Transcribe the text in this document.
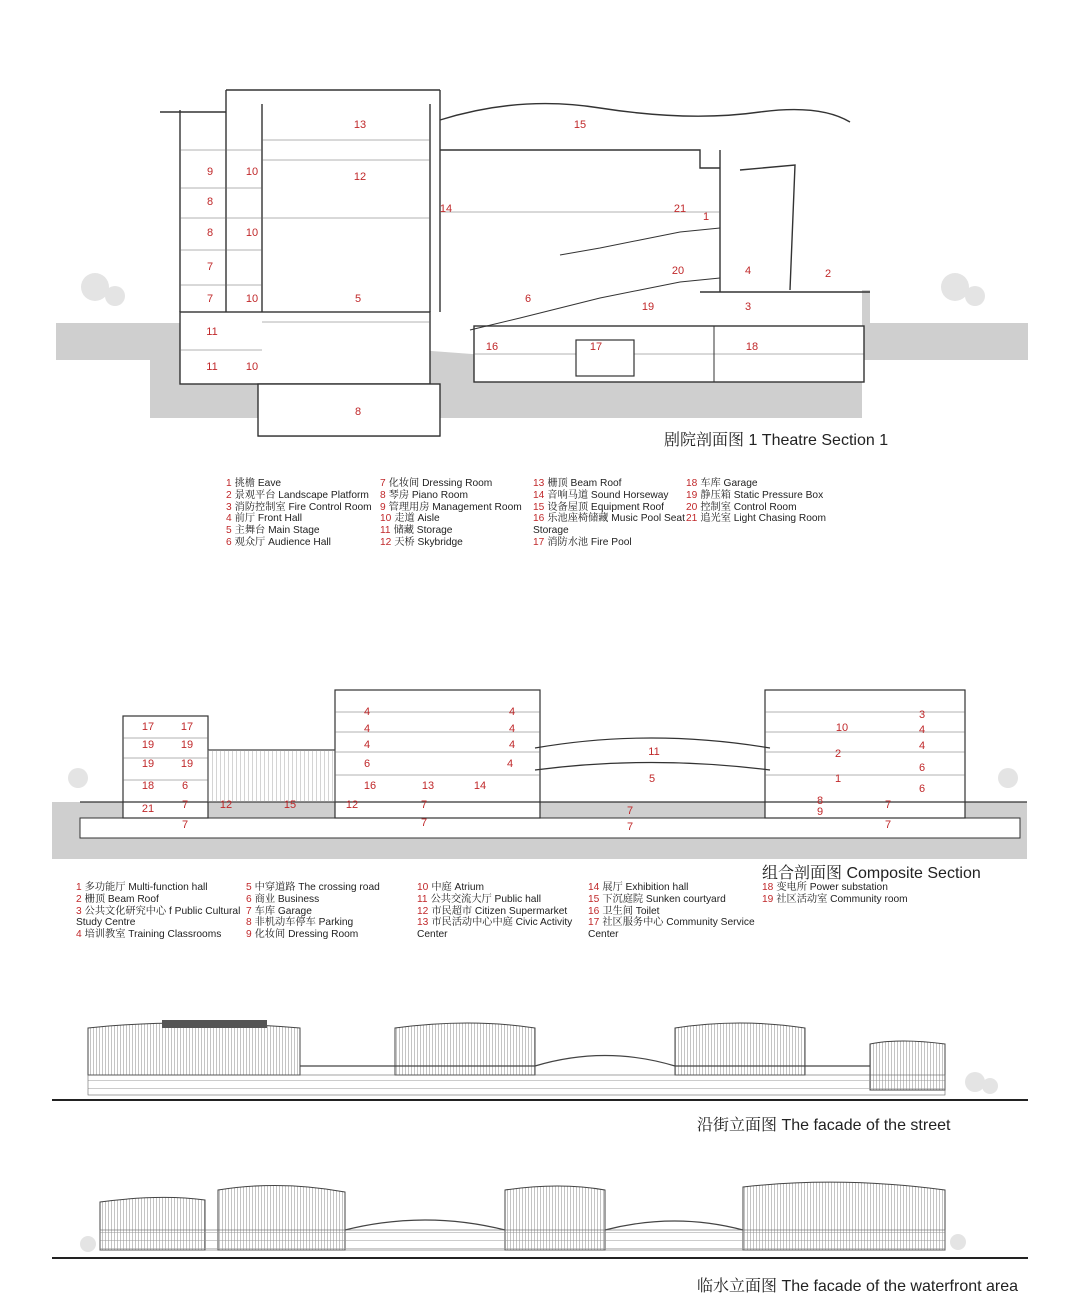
13	15
9	10	12
8
14	21
1
8	10
7	20	4	2
7	10	5	6
19	3
11
16	17	18
11	10
8
17 17
19 19
19 19
18	6
21	7	12
7
15	12
4	4
4	4
4	4
6
16	13	14
7
7
11
5
7
7
10
3
4
4
6
2
1
6
8
9
7
7
4
剧院剖面图 1 Theatre Section 1
组合剖面图 Composite Section
沿街立面图 The facade of the street
临水立面图 The facade of the waterfront area
1 挑檐 Eave
2 景观平台 Landscape Platform
3 消防控制室 Fire Control Room
4 前厅 Front Hall
5 主舞台 Main Stage
6 观众厅 Audience Hall
7 化妆间 Dressing Room
8 琴房 Piano Room
9 管理用房 Management Room
10 走道 Aisle
11 储藏 Storage
12 天桥 Skybridge
13 栅顶 Beam Roof
14 音响马道 Sound Horseway
15 设备屋顶 Equipment Roof
16 乐池座椅储藏 Music Pool Seat
Storage
17 消防水池 Fire Pool
18 车库 Garage
19 静压箱 Static Pressure Box
20 控制室 Control Room
21 追光室 Light Chasing Room
1 多功能厅 Multi-function hall
2 栅顶 Beam Roof
3 公共文化研究中心 f Public Cultural
Study Centre
4 培训教室 Training Classrooms
5 中穿道路 The crossing road
6 商业 Business
7 车库 Garage
8 非机动车停车 Parking
9 化妆间 Dressing Room
10 中庭 Atrium
11 公共交流大厅 Public hall
12 市民超市 Citizen Supermarket
13 市民活动中心中庭 Civic Activity
Center
14 展厅 Exhibition hall
15 下沉庭院 Sunken courtyard
16 卫生间 Toilet
17 社区服务中心 Community Service
Center
18 变电所 Power substation
19 社区活动室 Community room
